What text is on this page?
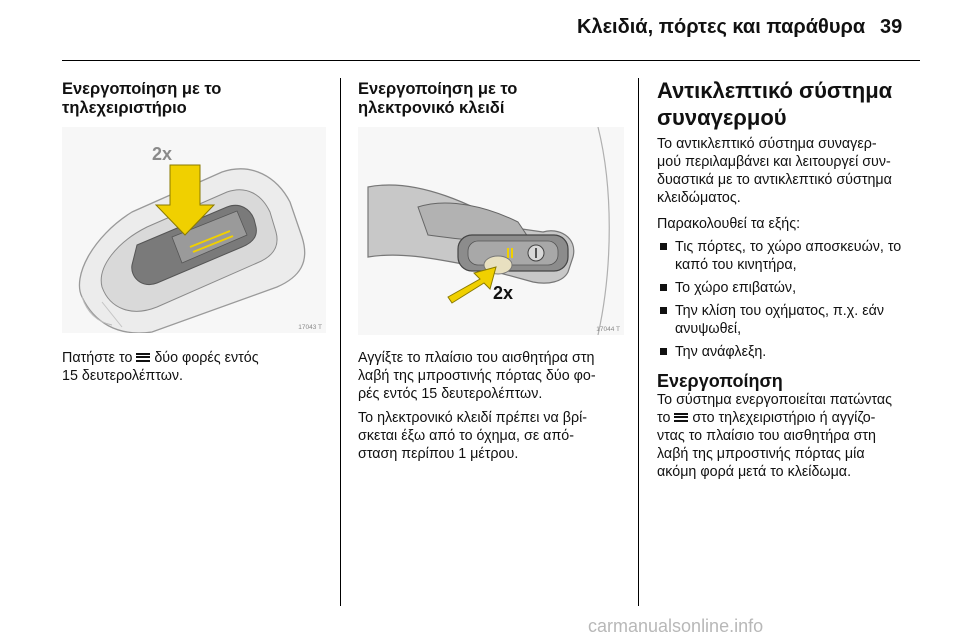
Κλειδιά, πόρτες και παράθυρα 39
Ενεργοποίηση με το
τηλεχειριστήριο
2x
17043 T

Πατήστε το  δύο φορές εντός

15 δευτερολέπτων.

Ενεργοποίηση με το
ηλεκτρονικό κλειδί
2x
17044 T

Αγγίξτε το πλαίσιο του αισθητήρα στη

λαβή της μπροστινής πόρτας δύο φο-

ρές εντός 15 δευτερολέπτων.

Το ηλεκτρονικό κλειδί πρέπει να βρί-

σκεται έξω από το όχημα, σε από-

σταση περίπου 1 μέτρου.

Αντικλεπτικό σύστημα
συναγερμού

Το αντικλεπτικό σύστημα συναγερ-

μού περιλαμβάνει και λειτουργεί συν-

δυαστικά με το αντικλεπτικό σύστημα

κλειδώματος.

Παρακολουθεί τα εξής:

Τις πόρτες, το χώρο αποσκευών, το
καπό του κινητήρα,
Το χώρο επιβατών,
Την κλίση του οχήματος, π.χ. εάν
ανυψωθεί,
Την ανάφλεξη.
Ενεργοποίηση

Το σύστημα ενεργοποιείται πατώντας

το  στο τηλεχειριστήριο ή αγγίζο-

ντας το πλαίσιο του αισθητήρα στη

λαβή της μπροστινής πόρτας μία

ακόμη φορά μετά το κλείδωμα.

carmanualsonline.info
